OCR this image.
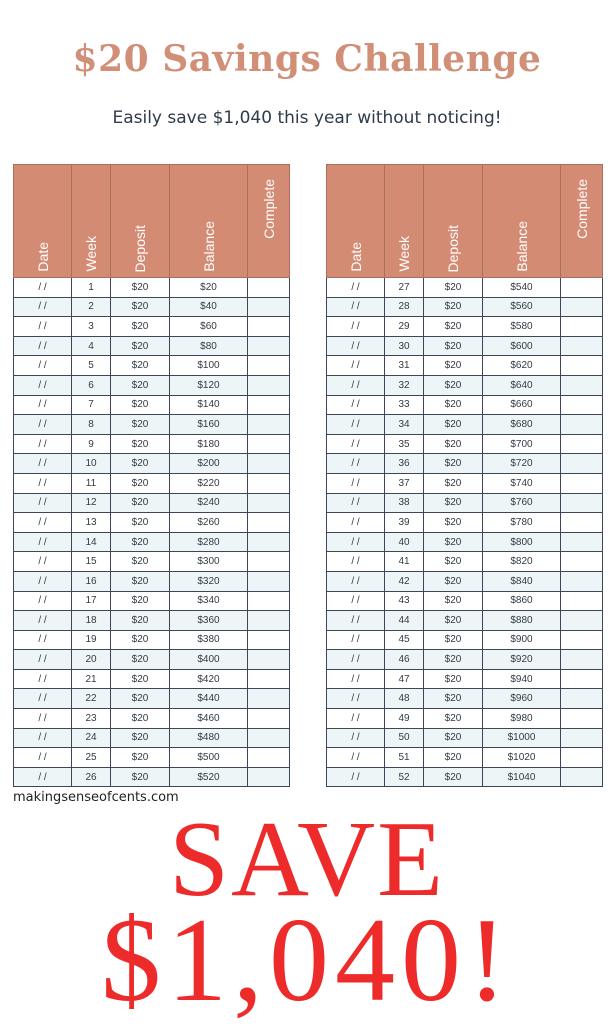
$20 Savings Challenge
Easily save $1,040 this year without noticing!
Date	Week	Deposit	Balance	Complete
/ /	1	$20	$20	
/ /	2	$20	$40	
/ /	3	$20	$60	
/ /	4	$20	$80	
/ /	5	$20	$100	
/ /	6	$20	$120	
/ /	7	$20	$140	
/ /	8	$20	$160	
/ /	9	$20	$180	
/ /	10	$20	$200	
/ /	11	$20	$220	
/ /	12	$20	$240	
/ /	13	$20	$260	
/ /	14	$20	$280	
/ /	15	$20	$300	
/ /	16	$20	$320	
/ /	17	$20	$340	
/ /	18	$20	$360	
/ /	19	$20	$380	
/ /	20	$20	$400	
/ /	21	$20	$420	
/ /	22	$20	$440	
/ /	23	$20	$460	
/ /	24	$20	$480	
/ /	25	$20	$500	
/ /	26	$20	$520	
Date	Week	Deposit	Balance	Complete
/ /	27	$20	$540	
/ /	28	$20	$560	
/ /	29	$20	$580	
/ /	30	$20	$600	
/ /	31	$20	$620	
/ /	32	$20	$640	
/ /	33	$20	$660	
/ /	34	$20	$680	
/ /	35	$20	$700	
/ /	36	$20	$720	
/ /	37	$20	$740	
/ /	38	$20	$760	
/ /	39	$20	$780	
/ /	40	$20	$800	
/ /	41	$20	$820	
/ /	42	$20	$840	
/ /	43	$20	$860	
/ /	44	$20	$880	
/ /	45	$20	$900	
/ /	46	$20	$920	
/ /	47	$20	$940	
/ /	48	$20	$960	
/ /	49	$20	$980	
/ /	50	$20	$1000	
/ /	51	$20	$1020	
/ /	52	$20	$1040	
makingsenseofcents.com
SAVE
$1,040!
